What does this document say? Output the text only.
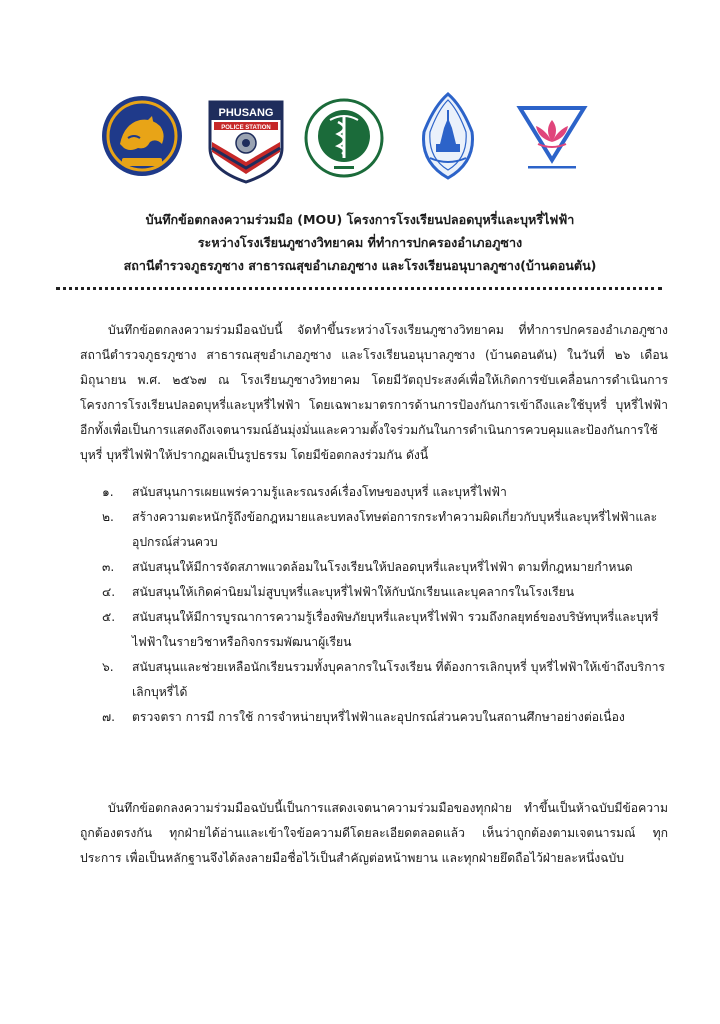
PHUSANG
POLICE STATION
บันทึกข้อตกลงความร่วมมือ (MOU) โครงการโรงเรียนปลอดบุหรี่และบุหรี่ไฟฟ้า
ระหว่างโรงเรียนภูซางวิทยาคม ที่ทำการปกครองอำเภอภูซาง
สถานีตำรวจภูธรภูซาง สาธารณสุขอำเภอภูซาง และโรงเรียนอนุบาลภูซาง(บ้านดอนตัน)
บันทึกข้อตกลงความร่วมมือฉบับนี้ จัดทำขึ้นระหว่างโรงเรียนภูซางวิทยาคม ที่ทำการปกครองอำเภอภูซาง สถานีตำรวจภูธรภูซาง สาธารณสุขอำเภอภูซาง และโรงเรียนอนุบาลภูซาง (บ้านดอนตัน) ในวันที่ ๒๖ เดือน มิถุนายน พ.ศ. ๒๕๖๗ ณ โรงเรียนภูซางวิทยาคม โดยมีวัตถุประสงค์เพื่อให้เกิดการขับเคลื่อนการดำเนินการโครงการโรงเรียนปลอดบุหรี่และบุหรี่ไฟฟ้า โดยเฉพาะมาตรการด้านการป้องกันการเข้าถึงและใช้บุหรี่ บุหรี่ไฟฟ้า อีกทั้งเพื่อเป็นการแสดงถึงเจตนารมณ์อันมุ่งมั่นและความตั้งใจร่วมกันในการดำเนินการควบคุมและป้องกันการใช้บุหรี่ บุหรี่ไฟฟ้าให้ปรากฏผลเป็นรูปธรรม โดยมีข้อตกลงร่วมกัน ดังนี้
๑. สนับสนุนการเผยแพร่ความรู้และรณรงค์เรื่องโทษของบุหรี่ และบุหรี่ไฟฟ้า
๒. สร้างความตะหนักรู้ถึงข้อกฎหมายและบทลงโทษต่อการกระทำความผิดเกี่ยวกับบุหรี่และบุหรี่ไฟฟ้าและอุปกรณ์ส่วนควบ
๓. สนับสนุนให้มีการจัดสภาพแวดล้อมในโรงเรียนให้ปลอดบุหรี่และบุหรี่ไฟฟ้า ตามที่กฎหมายกำหนด
๔. สนับสนุนให้เกิดค่านิยมไม่สูบบุหรี่และบุหรี่ไฟฟ้าให้กับนักเรียนและบุคลากรในโรงเรียน
๕. สนับสนุนให้มีการบูรณาการความรู้เรื่องพิษภัยบุหรี่และบุหรี่ไฟฟ้า รวมถึงกลยุทธ์ของบริษัทบุหรี่และบุหรี่ไฟฟ้าในรายวิชาหรือกิจกรรมพัฒนาผู้เรียน
๖. สนับสนุนและช่วยเหลือนักเรียนรวมทั้งบุคลากรในโรงเรียน ที่ต้องการเลิกบุหรี่ บุหรี่ไฟฟ้าให้เข้าถึงบริการเลิกบุหรี่ได้
๗. ตรวจตรา การมี การใช้ การจำหน่ายบุหรี่ไฟฟ้าและอุปกรณ์ส่วนควบในสถานศึกษาอย่างต่อเนื่อง
บันทึกข้อตกลงความร่วมมือฉบับนี้เป็นการแสดงเจตนาความร่วมมือของทุกฝ่าย ทำขึ้นเป็นห้าฉบับมีข้อความถูกต้องตรงกัน ทุกฝ่ายได้อ่านและเข้าใจข้อความดีโดยละเอียดตลอดแล้ว เห็นว่าถูกต้องตามเจตนารมณ์ ทุกประการ เพื่อเป็นหลักฐานจึงได้ลงลายมือชื่อไว้เป็นสำคัญต่อหน้าพยาน และทุกฝ่ายยึดถือไว้ฝ่ายละหนึ่งฉบับ
